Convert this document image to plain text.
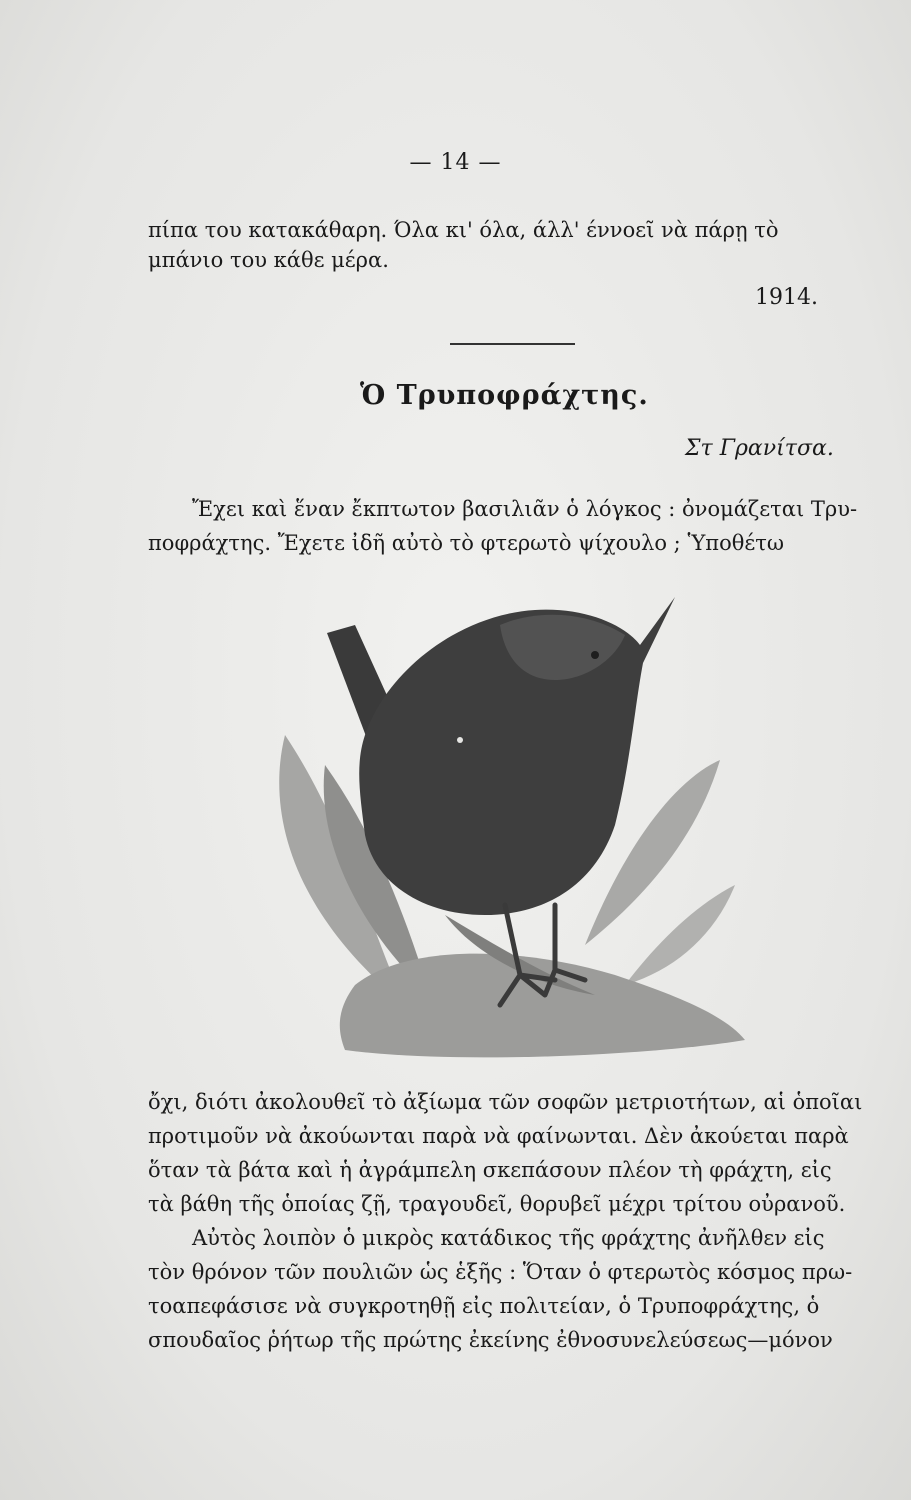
— 14 —
πίπα του κατακάθαρη. Όλα κι' όλα, άλλ' έννοεῖ νὰ πάρῃ τὸ
μπάνιο του κάθε μέρα.
1914.
Ὁ Τρυποφράχτης.
Στ Γρανίτσα.
Ἔχει καὶ ἕναν ἔκπτωτον βασιλιᾶν ὁ λόγκος : ὀνομάζεται Τρυ-
ποφράχτης. Ἔχετε ἰδῆ αὐτὸ τὸ φτερωτὸ ψίχουλο ; Ὑποθέτω
ὄχι, διότι ἀκολουθεῖ τὸ ἀξίωμα τῶν σοφῶν μετριοτήτων, αἱ ὁποῖαι
προτιμοῦν νὰ ἀκούωνται παρὰ νὰ φαίνωνται. Δὲν ἀκούεται παρὰ
ὅταν τὰ βάτα καὶ ἡ ἀγράμπελη σκεπάσουν πλέον τὴ φράχτη, εἰς
τὰ βάθη τῆς ὁποίας ζῇ, τραγουδεῖ, θορυβεῖ μέχρι τρίτου οὐρανοῦ.
Αὐτὸς λοιπὸν ὁ μικρὸς κατάδικος τῆς φράχτης ἀνῆλθεν εἰς
τὸν θρόνον τῶν πουλιῶν ὡς ἑξῆς : Ὅταν ὁ φτερωτὸς κόσμος πρω-
τοαπεφάσισε νὰ συγκροτηθῇ εἰς πολιτείαν, ὁ Τρυποφράχτης, ὁ
σπουδαῖος ῥήτωρ τῆς πρώτης ἐκείνης ἐθνοσυνελεύσεως—μόνον
